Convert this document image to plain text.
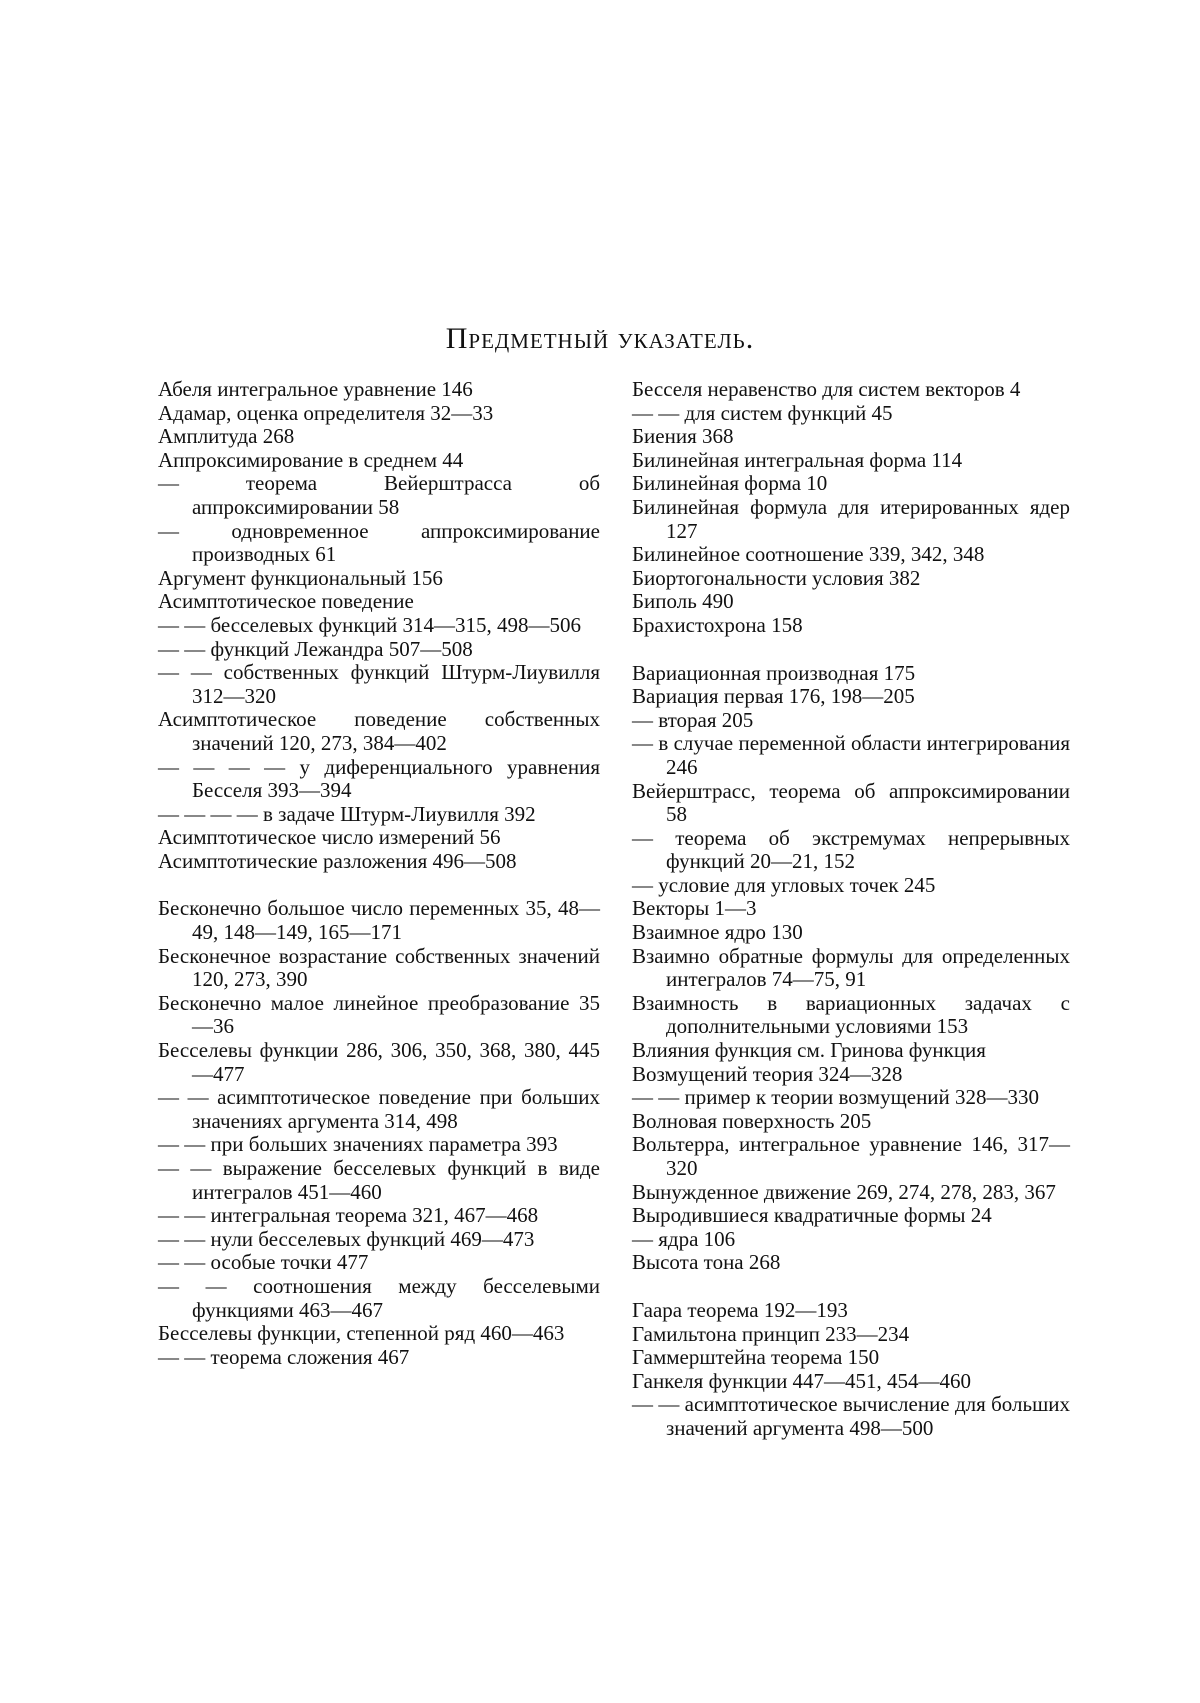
Предметный указатель.
Абеля интегральное уравнение 146
Адамар, оценка определителя 32—33
Амплитуда 268
Аппроксимирование в среднем 44
— теорема Вейерштрасса об аппроксимировании 58
— одновременное аппроксимирование производных 61
Аргумент функциональный 156
Асимптотическое поведение
— — бесселевых функций 314—315, 498—506
— — функций Лежандра 507—508
— — собственных функций Штурм-Лиувилля 312—320
Асимптотическое поведение собственных значений 120, 273, 384—402
— — — — у диференциального уравнения Бесселя 393—394
— — — — в задаче Штурм-Лиувилля 392
Асимптотическое число измерений 56
Асимптотические разложения 496—508
Бесконечно большое число переменных 35, 48—49, 148—149, 165—171
Бесконечное возрастание собственных значений 120, 273, 390
Бесконечно малое линейное преобразование 35—36
Бесселевы функции 286, 306, 350, 368, 380, 445—477
— — асимптотическое поведение при больших значениях аргумента 314, 498
— — при больших значениях параметра 393
— — выражение бесселевых функций в виде интегралов 451—460
— — интегральная теорема 321, 467—468
— — нули бесселевых функций 469—473
— — особые точки 477
— — соотношения между бесселевыми функциями 463—467
Бесселевы функции, степенной ряд 460—463
— — теорема сложения 467
Бесселя неравенство для систем векторов 4
— — для систем функций 45
Биения 368
Билинейная интегральная форма 114
Билинейная форма 10
Билинейная формула для итерированных ядер 127
Билинейное соотношение 339, 342, 348
Биортогональности условия 382
Биполь 490
Брахистохрона 158
Вариационная производная 175
Вариация первая 176, 198—205
— вторая 205
— в случае переменной области интегрирования 246
Вейерштрасс, теорема об аппроксимировании 58
— теорема об экстремумах непрерывных функций 20—21, 152
— условие для угловых точек 245
Векторы 1—3
Взаимное ядро 130
Взаимно обратные формулы для определенных интегралов 74—75, 91
Взаимность в вариационных задачах с дополнительными условиями 153
Влияния функция см. Гринова функция
Возмущений теория 324—328
— — пример к теории возмущений 328—330
Волновая поверхность 205
Вольтерра, интегральное уравнение 146, 317—320
Вынужденное движение 269, 274, 278, 283, 367
Выродившиеся квадратичные формы 24
— ядра 106
Высота тона 268
Гаара теорема 192—193
Гамильтона принцип 233—234
Гаммерштейна теорема 150
Ганкеля функции 447—451, 454—460
— — асимптотическое вычисление для больших значений аргумента 498—500
